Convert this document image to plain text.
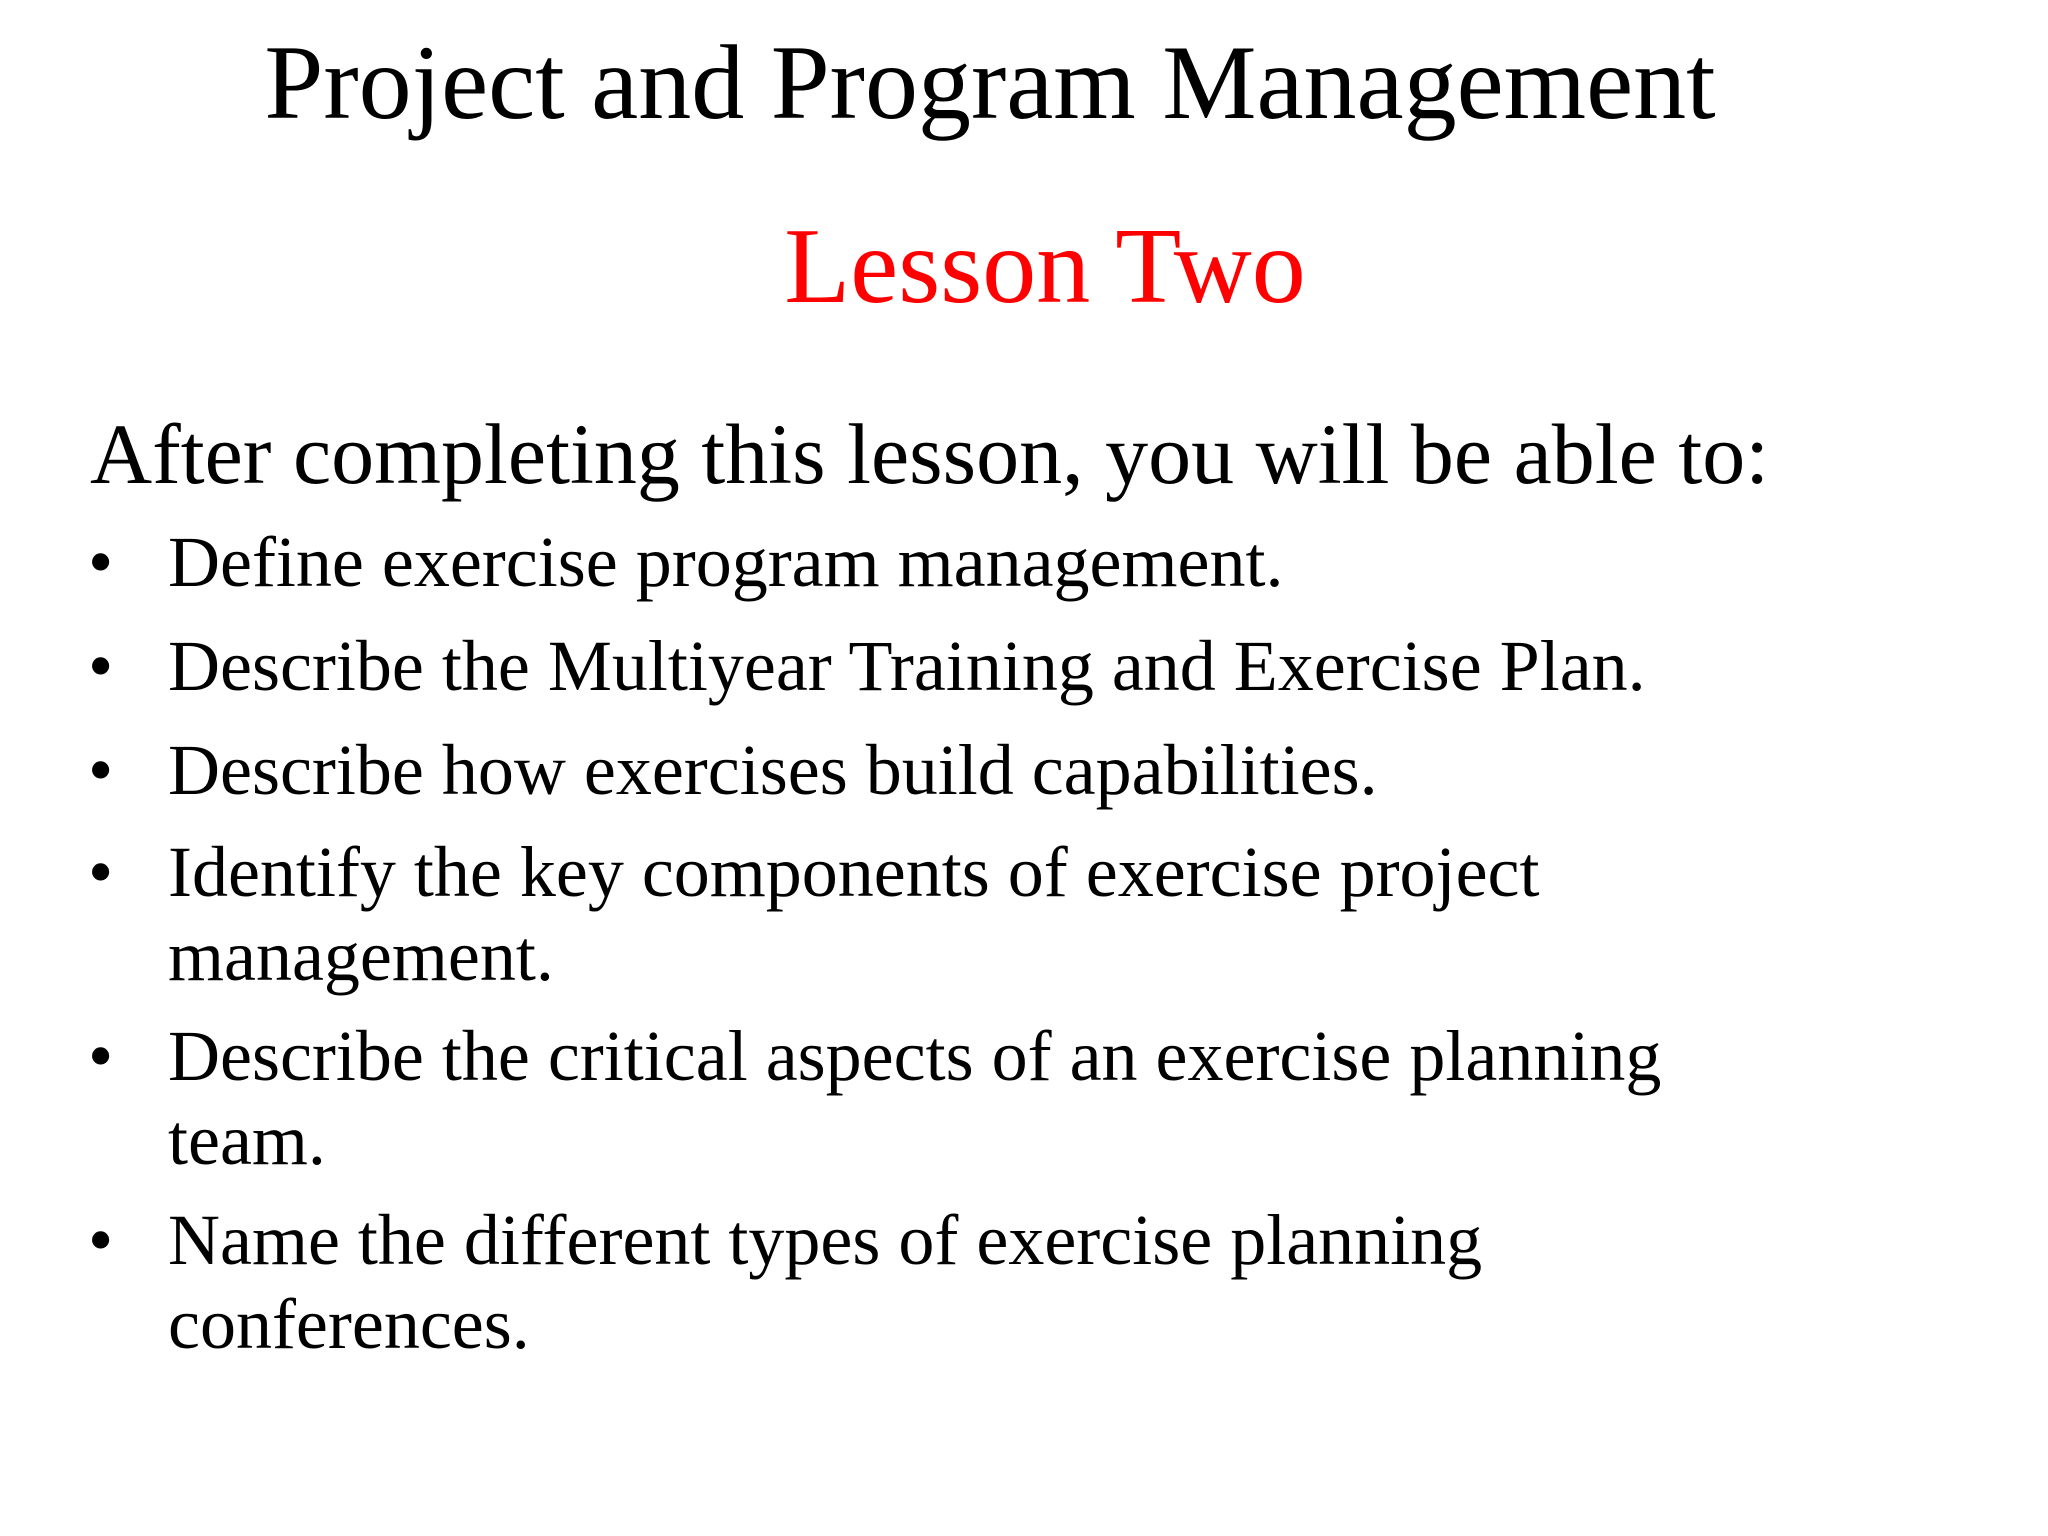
Project and Program Management
Lesson Two

After completing this lesson, you will be able to:

• Define exercise program management.
• Describe the Multiyear Training and Exercise Plan.
• Describe how exercises build capabilities.
• Identify the key components of exercise project
management.
• Describe the critical aspects of an exercise planning
team.
• Name the different types of exercise planning
conferences.
